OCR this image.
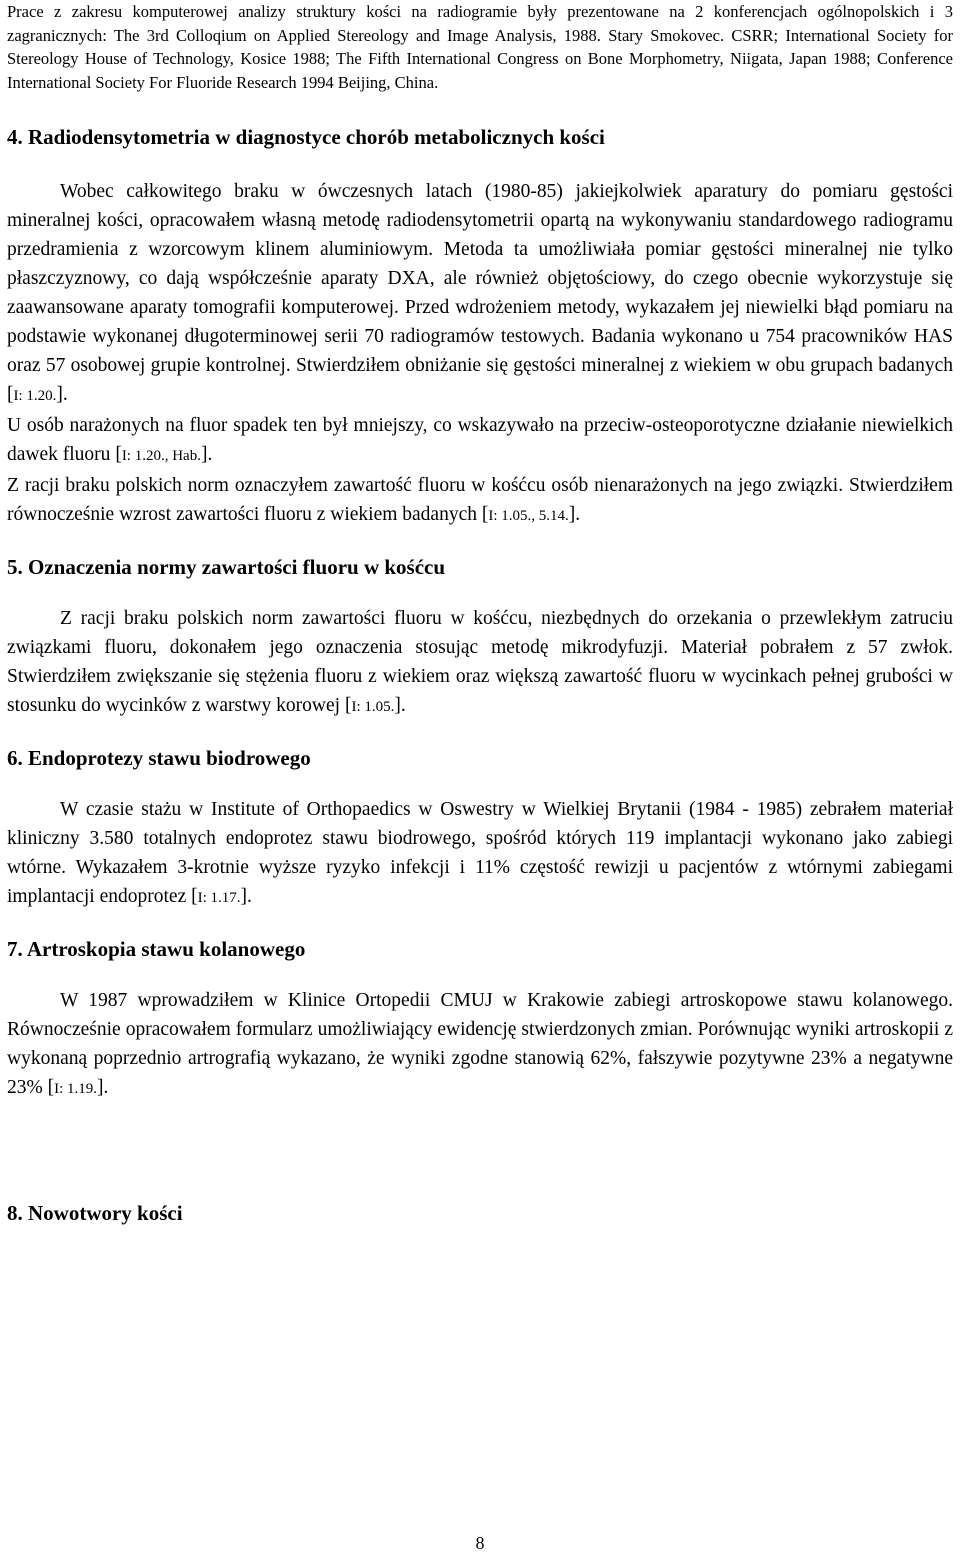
Prace z zakresu komputerowej analizy struktury kości na radiogramie były prezentowane na 2 konferencjach ogólnopolskich i 3 zagranicznych: The 3rd Colloqium on Applied Stereology and Image Analysis, 1988. Stary Smokovec. CSRR; International Society for Stereology House of Technology, Kosice 1988; The Fifth International Congress on Bone Morphometry, Niigata, Japan 1988; Conference International Society For Fluoride Research 1994 Beijing, China.

4. Radiodensytometria w diagnostyce chorób metabolicznych kości

Wobec całkowitego braku w ówczesnych latach (1980-85) jakiejkolwiek aparatury do pomiaru gęstości mineralnej kości, opracowałem własną metodę radiodensytometrii opartą na wykonywaniu standardowego radiogramu przedramienia z wzorcowym klinem aluminiowym. Metoda ta umożliwiała pomiar gęstości mineralnej nie tylko płaszczyznowy, co dają współcześnie aparaty DXA, ale również objętościowy, do czego obecnie wykorzystuje się zaawansowane aparaty tomografii komputerowej. Przed wdrożeniem metody, wykazałem jej niewielki błąd pomiaru na podstawie wykonanej długoterminowej serii 70 radiogramów testowych. Badania wykonano u 754 pracowników HAS oraz 57 osobowej grupie kontrolnej. Stwierdziłem obniżanie się gęstości mineralnej z wiekiem w obu grupach badanych [I: 1.20.].

U osób narażonych na fluor spadek ten był mniejszy, co wskazywało na przeciw-osteoporotyczne działanie niewielkich dawek fluoru [I: 1.20., Hab.].

Z racji braku polskich norm oznaczyłem zawartość fluoru w kośćcu osób nienarażonych na jego związki. Stwierdziłem równocześnie wzrost zawartości fluoru z wiekiem badanych [I: 1.05., 5.14.].

5. Oznaczenia normy zawartości fluoru w kośćcu

Z racji braku polskich norm zawartości fluoru w kośćcu, niezbędnych do orzekania o przewlekłym zatruciu związkami fluoru, dokonałem jego oznaczenia stosując metodę mikrodyfuzji. Materiał pobrałem z 57 zwłok. Stwierdziłem zwiększanie się stężenia fluoru z wiekiem oraz większą zawartość fluoru w wycinkach pełnej grubości w stosunku do wycinków z warstwy korowej [I: 1.05.].

6. Endoprotezy stawu biodrowego

W czasie stażu w Institute of Orthopaedics w Oswestry w Wielkiej Brytanii (1984 - 1985) zebrałem materiał kliniczny 3.580 totalnych endoprotez stawu biodrowego, spośród których 119 implantacji wykonano jako zabiegi wtórne. Wykazałem 3-krotnie wyższe ryzyko infekcji i 11% częstość rewizji u pacjentów z wtórnymi zabiegami implantacji endoprotez [I: 1.17.].

7. Artroskopia stawu kolanowego

W 1987 wprowadziłem w Klinice Ortopedii CMUJ w Krakowie zabiegi artroskopowe stawu kolanowego. Równocześnie opracowałem formularz umożliwiający ewidencję stwierdzonych zmian. Porównując wyniki artroskopii z wykonaną poprzednio artrografią wykazano, że wyniki zgodne stanowią 62%, fałszywie pozytywne 23% a negatywne 23% [I: 1.19.].

8. Nowotwory kości
8
